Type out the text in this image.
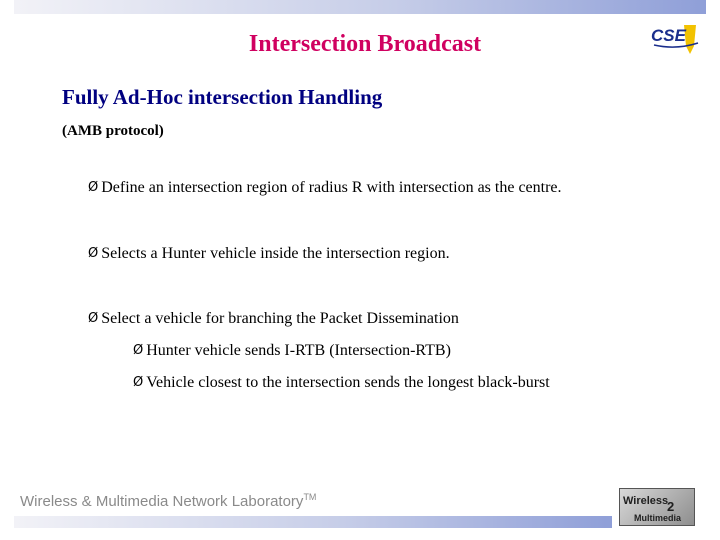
Intersection Broadcast	CSE
Fully Ad-Hoc intersection Handling
(AMB protocol)
Ø Define an intersection region of radius R with intersection as the centre.
Ø Selects a Hunter vehicle inside the intersection region.
Ø Select a vehicle for branching the Packet Dissemination
Ø Hunter vehicle sends I-RTB (Intersection-RTB)
Ø Vehicle closest to the intersection sends the longest black-burst
Wireless & Multimedia Network Laboratory™	Wireless
2
Multimedia
